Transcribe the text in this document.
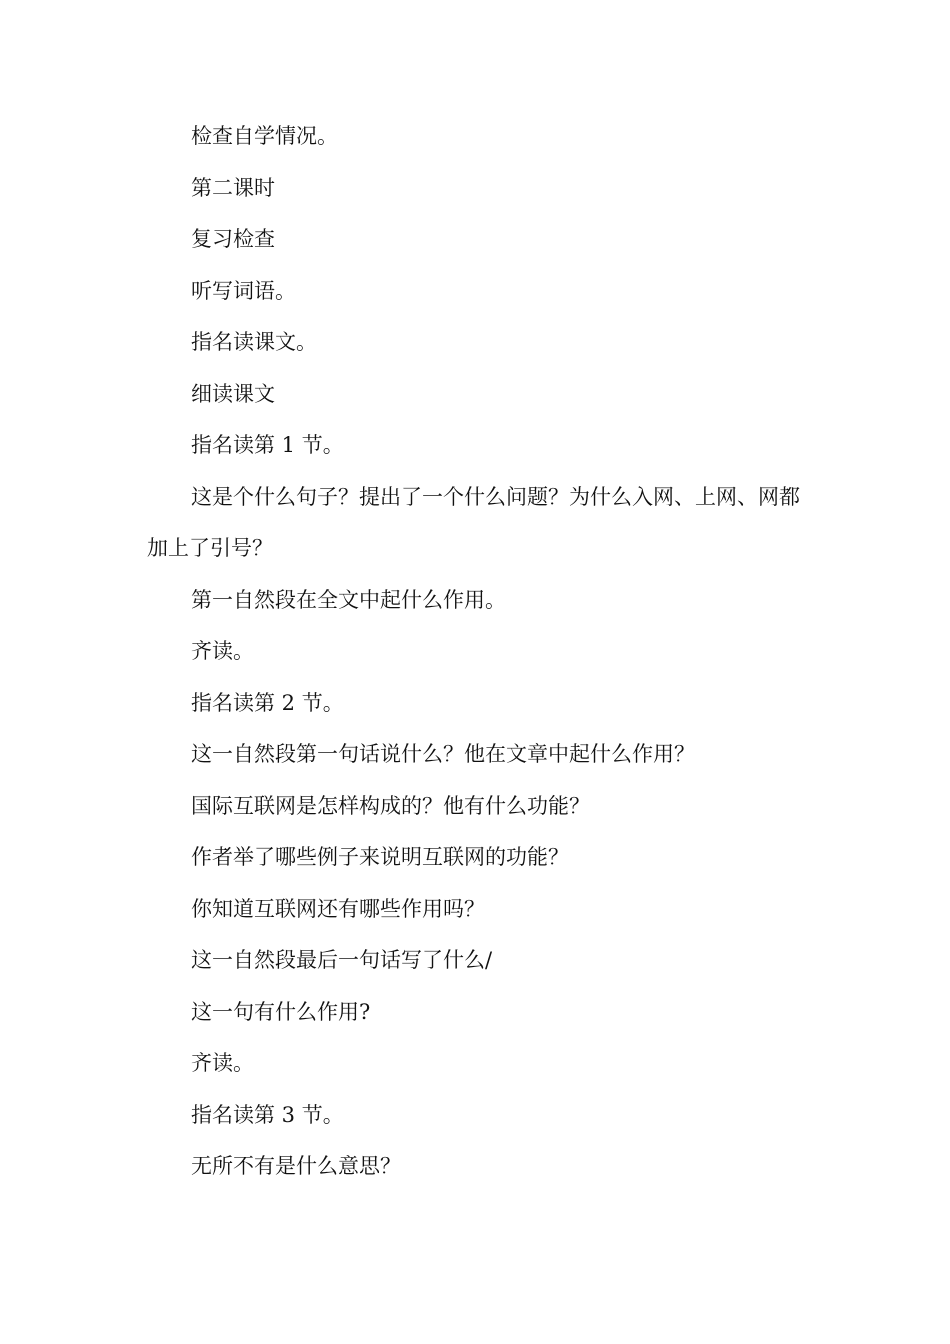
检查自学情况。

第二课时

复习检查

听写词语。

指名读课文。

细读课文

指名读第 1 节。

这是个什么句子？提出了一个什么问题？为什么入网、上网、网都加上了引号？

第一自然段在全文中起什么作用。

齐读。

指名读第 2 节。

这一自然段第一句话说什么？他在文章中起什么作用？

国际互联网是怎样构成的？他有什么功能？

作者举了哪些例子来说明互联网的功能？

你知道互联网还有哪些作用吗？

这一自然段最后一句话写了什么/

这一句有什么作用?

齐读。

指名读第 3 节。

无所不有是什么意思？
